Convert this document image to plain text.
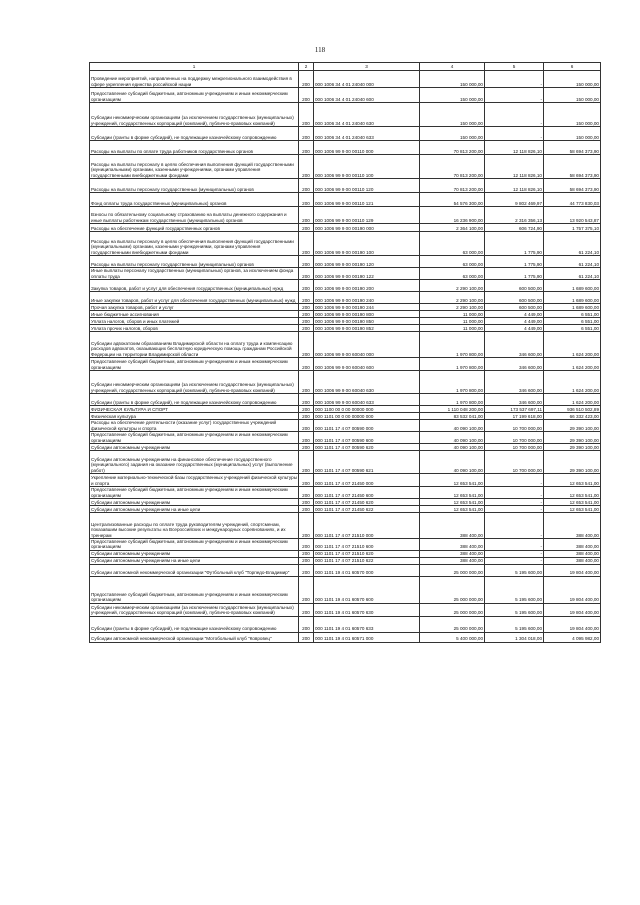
118
1	2	3	4	5	6
Проведение мероприятий, направленных на поддержку межрегионального взаимодействия в сфере укрепления единства российской нации	200	000 1006 34 4 01 24040 000	150 000,00	-	150 000,00
Предоставление субсидий бюджетным, автономным учреждениям и иным некоммерческим организациям	200	000 1006 34 4 01 24040 600	150 000,00	-	150 000,00
Субсидии некоммерческим организациям (за исключением государственных (муниципальных) учреждений, государственных корпораций (компаний), публично-правовых компаний)	200	000 1006 34 4 01 24040 630	150 000,00	-	150 000,00
Субсидии (гранты в форме субсидий), не подлежащие казначейскому сопровождению	200	000 1006 34 4 01 24040 633	150 000,00	-	150 000,00
Расходы на выплаты по оплате труда работников государственных органов	200	000 1006 99 9 00 00110 000	70 813 200,00	12 118 826,10	58 694 373,90
Расходы на выплаты персоналу в целях обеспечения выполнения функций государственными (муниципальными) органами, казенными учреждениями, органами управления государственными внебюджетными фондами	200	000 1006 99 9 00 00110 100	70 813 200,00	12 118 826,10	58 694 373,90
Расходы на выплаты персоналу государственных (муниципальных) органов	200	000 1006 99 9 00 00110 120	70 813 200,00	12 118 826,10	58 694 373,90
Фонд оплаты труда государственных (муниципальных) органов	200	000 1006 99 9 00 00110 121	54 576 300,00	9 802 469,97	44 773 830,03
Взносы по обязательному социальному страхованию на выплаты денежного содержания и иные выплаты работникам государственных (муниципальных) органов	200	000 1006 99 9 00 00110 129	16 236 900,00	2 316 356,13	13 920 543,87
Расходы на обеспечение функций государственных органов	200	000 1006 99 9 00 00190 000	2 364 100,00	606 724,90	1 757 375,10
Расходы на выплаты персоналу в целях обеспечения выполнения функций государственными (муниципальными) органами, казенными учреждениями, органами управления государственными внебюджетными фондами	200	000 1006 99 9 00 00190 100	63 000,00	1 775,90	61 224,10
Расходы на выплаты персоналу государственных (муниципальных) органов	200	000 1006 99 9 00 00190 120	63 000,00	1 775,90	61 224,10
Иные выплаты персоналу государственных (муниципальных) органов, за исключением фонда оплаты труда	200	000 1006 99 9 00 00190 122	63 000,00	1 775,90	61 224,10
Закупка товаров, работ и услуг для обеспечения государственных (муниципальных) нужд	200	000 1006 99 9 00 00190 200	2 290 100,00	600 500,00	1 689 600,00
Иные закупки товаров, работ и услуг для обеспечения государственных (муниципальных) нужд	200	000 1006 99 9 00 00190 240	2 290 100,00	600 500,00	1 689 600,00
Прочая закупка товаров, работ и услуг	200	000 1006 99 9 00 00190 244	2 290 100,00	600 500,00	1 689 600,00
Иные бюджетные ассигнования	200	000 1006 99 9 00 00190 800	11 000,00	4 449,00	6 551,00
Уплата налогов, сборов и иных платежей	200	000 1006 99 9 00 00190 850	11 000,00	4 449,00	6 551,00
Уплата прочих налогов, сборов	200	000 1006 99 9 00 00190 852	11 000,00	4 449,00	6 551,00
Субсидии адвокатским образованиям Владимирской области на оплату труда и компенсацию расходов адвокатов, оказывающих бесплатную юридическую помощь гражданам Российской Федерации на территории Владимирской области	200	000 1006 99 9 00 60040 000	1 970 800,00	346 600,00	1 624 200,00
Предоставление субсидий бюджетным, автономным учреждениям и иным некоммерческим организациям	200	000 1006 99 9 00 60040 600	1 970 800,00	346 600,00	1 624 200,00
Субсидии некоммерческим организациям (за исключением государственных (муниципальных) учреждений, государственных корпораций (компаний), публично-правовых компаний)	200	000 1006 99 9 00 60040 630	1 970 800,00	346 600,00	1 624 200,00
Субсидии (гранты в форме субсидий), не подлежащие казначейскому сопровождению	200	000 1006 99 9 00 60040 633	1 970 800,00	346 600,00	1 624 200,00
ФИЗИЧЕСКАЯ КУЛЬТУРА И СПОРТ	200	000 1100 00 0 00 00000 000	1 110 048 200,00	173 537 697,11	936 510 502,89
Физическая культура	200	000 1101 00 0 00 00000 000	83 532 041,00	17 199 618,00	66 332 423,00
Расходы на обеспечение деятельности (оказание услуг) государственных учреждений физической культуры и спорта	200	000 1101 17 4 07 00590 000	40 090 100,00	10 700 000,00	29 390 100,00
Предоставление субсидий бюджетным, автономным учреждениям и иным некоммерческим организациям	200	000 1101 17 4 07 00590 600	40 090 100,00	10 700 000,00	29 390 100,00
Субсидии автономным учреждениям	200	000 1101 17 4 07 00590 620	40 090 100,00	10 700 000,00	29 390 100,00
Субсидии автономным учреждениям на финансовое обеспечение государственного (муниципального) задания на оказание государственных (муниципальных) услуг (выполнение работ)	200	000 1101 17 4 07 00590 621	40 090 100,00	10 700 000,00	29 390 100,00
Укрепление материально-технической базы государственных учреждений физической культуры и спорта	200	000 1101 17 4 07 21450 000	12 653 541,00	-	12 653 541,00
Предоставление субсидий бюджетным, автономным учреждениям и иным некоммерческим организациям	200	000 1101 17 4 07 21450 600	12 653 541,00	-	12 653 541,00
Субсидии автономным учреждениям	200	000 1101 17 4 07 21450 620	12 653 541,00	-	12 653 541,00
Субсидии автономным учреждениям на иные цели	200	000 1101 17 4 07 21450 622	12 653 541,00	-	12 653 541,00
Централизованные расходы по оплате труда руководителям учреждений, спортсменам, показавшим высокие результаты на Всероссийских и международных соревнованиях, и их тренерам	200	000 1101 17 4 07 21510 000	388 400,00	-	388 400,00
Предоставление субсидий бюджетным, автономным учреждениям и иным некоммерческим организациям	200	000 1101 17 4 07 21510 600	388 400,00	-	388 400,00
Субсидии автономным учреждениям	200	000 1101 17 4 07 21510 620	388 400,00	-	388 400,00
Субсидии автономным учреждениям на иные цели	200	000 1101 17 4 07 21510 622	388 400,00	-	388 400,00
Субсидии автономной некоммерческой организации "Футбольный клуб "Торпедо-Владимир"	200	000 1101 19 4 01 60570 000	25 000 000,00	5 195 600,00	19 804 400,00
Предоставление субсидий бюджетным, автономным учреждениям и иным некоммерческим организациям	200	000 1101 19 4 01 60570 600	25 000 000,00	5 195 600,00	19 804 400,00
Субсидии некоммерческим организациям (за исключением государственных (муниципальных) учреждений, государственных корпораций (компаний), публично-правовых компаний)	200	000 1101 19 4 01 60570 630	25 000 000,00	5 195 600,00	19 804 400,00
Субсидии (гранты в форме субсидий), не подлежащие казначейскому сопровождению	200	000 1101 19 4 01 60570 633	25 000 000,00	5 195 600,00	19 804 400,00
Субсидии автономной некоммерческой организации "Мотобольный клуб "Ковровец"	200	000 1101 19 4 01 60571 000	5 400 000,00	1 304 018,00	4 095 982,00
